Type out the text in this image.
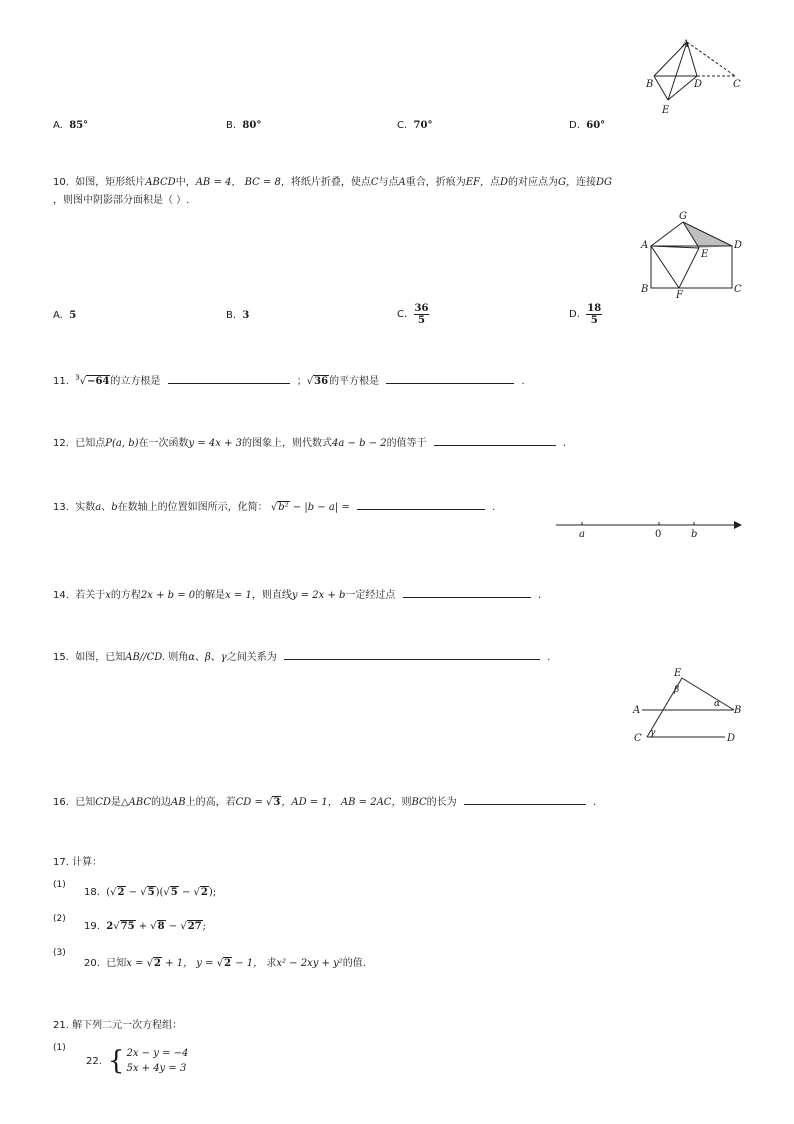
A
B	D	C
E
A. 85°	B. 80°	C. 70°	D. 60°
10. 如图，矩形纸片ABCD中，AB = 4， BC = 8，将纸片折叠，使点C与点A重合，折痕为EF，点D的对应点为G，连接DG
，则图中阴影部分面积是（ ）.
G
A
E
D
B
F
C
A. 5	B. 3	C. $\frac{36}{5}$	D. $\frac{18}{5}$
11. $^3$√−64的立方根是	；√36的平方根是	.
12. 已知点P(a, b)在一次函数y = 4x + 3的图象上，则代数式4a − b − 2的值等于	.
13. 实数a、b在数轴上的位置如图所示，化简： √b² − |b − a| =	.
a	0	b
14. 若关于x的方程2x + b = 0的解是x = 1，则直线y = 2x + b一定经过点	.
15. 如图，已知AB//CD. 则角α、β、γ之间关系为	.
E
β
A
α
B
C γ	D
16. 已知CD是△ABC的边AB上的高，若CD = √3，AD = 1， AB = 2AC，则BC的长为	.
17. 计算：
(1)
18.  (√2 − √5)(√5 − √2);
(2)
19. 2√75 + √8 − √27;
(3)
20. 已知x = √2 + 1， y = √2 − 1， 求x² − 2xy + y²的值.
21. 解下列二元一次方程组：
(1)
22. { 2x − y = −4
5x + 4y = 3
